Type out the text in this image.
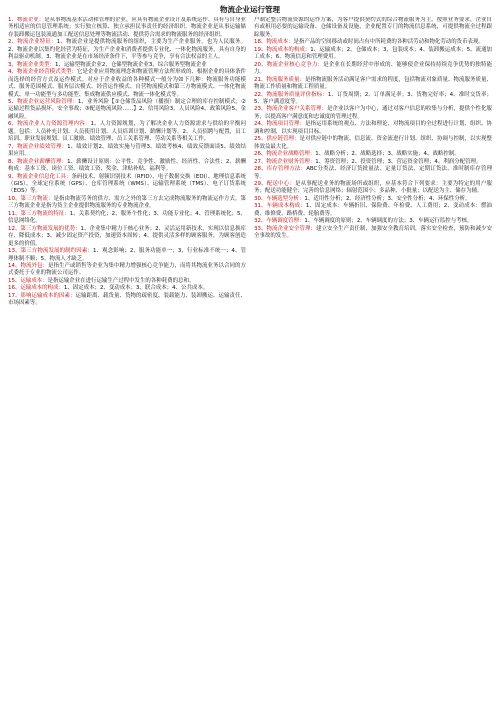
物流企业运行管理

1、物流企业：是从事物流基本活动和管理的企业，应具有物流企业设计及系统运作、具有与自身业务相适应的信息管理系统；实行独立核算、独立承担民事责任的经济组织。物流企业是从事运输储存装卸搬运包装流通加工配送信息处理等物流活动、提供符合需求的物流服务的经济组织。

2、物流企业特征：1、物流企业是提供物流服务的组织，主要为生产企业服务，也为人民服务。2、物流企业以集约化经营为特征，为生产企业和消费者提供专业化、一体化物流服务，具有自身的利益驱动机制。3、物流企业是在市场经济条件下，平等参与竞争，享有合法权益的主人。

3、物流企业类型：1、运输型物流企业2、仓储型物流企业3、综合服务型物流企业

4、物流企业经营模式类型：它是企业应用物流理念和物流管理方法所形成的、根据企业的具体条件而选择的经营方式及运作模式。对应于企业收益的各种模式一般分为如下几种：物流服务功能模式、服务范围模式、服务层次模式、经营运作模式、自营物流模式和第三方物流模式、一体化物流模式、单一功能型与多功能型、集成物流供应模式、物流一体化模式等。

5、物流企业运营风险管理：1、业务风险【①仓储货品风险（播损）制定合理的库存控制模式；②运输过程货品损坏。安全事故；③配送物流风险……】2、信用风险3、人员风险4、政策风险5、金融风险。

6、物流企业人力资源管理内容：1、人力资源规划，为了解决企业人力资源需求与供给的平衡问题。包括：人员补充计划、人员使用计划、人员培训计划、薪酬计划等。2、人员招聘与配置，员工培训、职业发展规划、员工激励、绩效管理、员工关系管理、劳动关系等相关工作。

7、物流企业绩效管理：1、绩效计划2、绩效实施与管理3、绩效考核4、绩效反馈面谈5、绩效结果应用。

8、物流企业薪酬管理：1、薪酬设计原则：公平性、竞争性、激励性、经济性、合法性；2、薪酬构成：基本工资、岗位工资、绩效工资、奖金、津贴补贴、福利等。

9、物流企业信息化工具：条码技术、射频识别技术（RFID）、电子数据交换（EDI）、地理信息系统（GIS）、全球定位系统（GPS）、仓库管理系统（WMS）、运输管理系统（TMS）、电子订货系统（EOS）等。

10、第三方物流：是指由物流劳务的供方、需方之外的第三方去完成物流服务的物流运作方式。第三方物流企业是指为货主企业提供物流服务的专业物流企业。

11、第三方物流的特征：1、关系契约化；2、服务个性化；3、功能专业化；4、管理系统化；5、信息网络化。

12、第三方物流发展的优势：1、企业集中精力于核心业务；2、灵活运用新技术，实现以信息换库存，降低成本；3、减少固定资产投资，加速资本周转；4、提供灵活多样的顾客服务，为顾客创造更多的价值。

13、第三方物流发展的制约因素：1、观念影响；2、服务功能单一；3、行业标准不统一；4、管理体制不顺；5、物流人才缺乏。

14、物流外包：是指生产或销售等企业为集中精力增强核心竞争能力，而将其物流业务以合同的方式委托于专业的物流公司运作。

15、运输成本：是指运输企业在进行运输生产过程中发生的各种耗费的总和。

16、运输成本的构成：1、固定成本；2、变动成本；3、联合成本；4、公共成本。

17、影响运输成本的因素：运输距离、载货量、货物的疏密度、装载能力、装卸搬运、运输责任、市场因素等。

户制定整合物流资源的运作方案，为客户提供契约式的综合物流服务为主。按照业务要求，企业自有或租用必要的运输设备、仓储设备及设施，企业配置专门的物流信息系统，可提供物流全过程跟踪服务。

18、物流成本：是指产品的空间移动或时间占有中所耗费的各种活劳动和物化劳动的货币表现。

19、物流成本的构成：1、运输成本；2、仓储成本；3、包装成本；4、装卸搬运成本；5、流通加工成本；6、物流信息和管理费用。

20、物流企业核心竞争力：是企业在长期经营中形成的、能够使企业保持持续竞争优势的独特能力。

21、物流服务质量：是指物流服务活动满足客户需求的程度，包括物流对象质量、物流服务质量、物流工作质量和物流工程质量。

22、物流服务质量评价指标：1、订货周期；2、订单满足率；3、货物完好率；4、准时交货率；5、客户满意度等。

23、物流企业客户关系管理：是企业以客户为中心，通过对客户信息的收集与分析，提供个性化服务，以提高客户满意度和忠诚度的管理过程。

24、物流项目管理：是指运用系统的观点、方法和理论，对物流项目的全过程进行计划、组织、协调和控制，以实现项目目标。

25、供应链管理：是对供应链中的物流、信息流、资金流进行计划、组织、协调与控制，以实现整体效益最大化。

26、物流企业战略管理：1、战略分析；2、战略选择；3、战略实施；4、战略控制。

27、物流企业财务管理：1、筹资管理；2、投资管理；3、营运资金管理；4、利润分配管理。

28、库存管理方法：ABC分类法、经济订货批量法、定量订货法、定期订货法、准时制库存管理等。

29、配送中心：是从事配送业务的物流场所或组织，应基本符合下列要求：主要为特定的用户服务；配送功能健全；完善的信息网络；辐射范围小；多品种、小批量；以配送为主、储存为辅。

30、车辆选型分析：1、适用性分析；2、经济性分析；3、安全性分析；4、环保性分析。

31、车辆成本构成：1、固定成本：车辆折旧、保险费、年检费、人工费用；2、变动成本：燃油费、维修费、路桥费、轮胎费等。

32、车辆调度管理：1、车辆调度的原则；2、车辆调度的方法；3、车辆运行监控与考核。

33、物流企业安全管理：建立安全生产责任制，加强安全教育培训，落实安全检查，预防和减少安全事故的发生。
